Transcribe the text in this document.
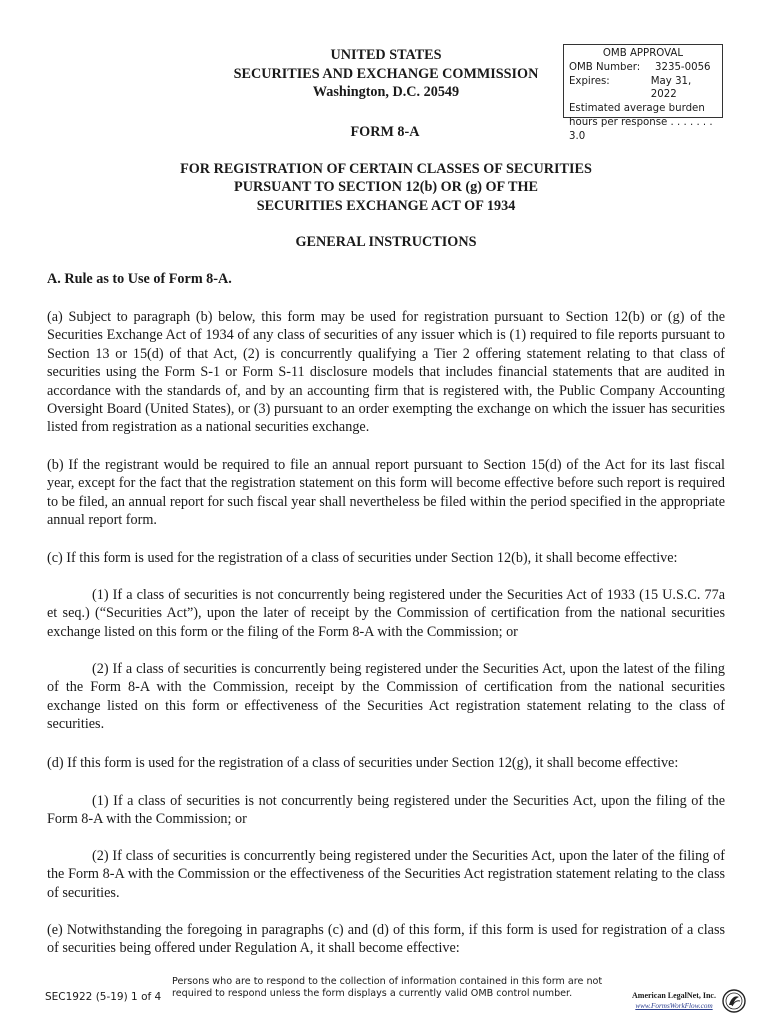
UNITED STATES
SECURITIES AND EXCHANGE COMMISSION
Washington, D.C. 20549
OMB APPROVAL
OMB Number:	3235-0056
Expires:	May 31, 2022
Estimated average burden
hours per response . . . . . . . 3.0
FORM 8-A
FOR REGISTRATION OF CERTAIN CLASSES OF SECURITIES
PURSUANT TO SECTION 12(b) OR (g) OF THE
SECURITIES EXCHANGE ACT OF 1934
GENERAL INSTRUCTIONS
A. Rule as to Use of Form 8-A.
(a) Subject to paragraph (b) below, this form may be used for registration pursuant to Section 12(b) or (g) of the Securities Exchange Act of 1934 of any class of securities of any issuer which is (1) required to file reports pursuant to Section 13 or 15(d) of that Act, (2) is concurrently qualifying a Tier 2 offering statement relating to that class of securities using the Form S-1 or Form S-11 disclosure models that includes financial statements that are audited in accordance with the standards of, and by an accounting firm that is registered with, the Public Company Accounting Oversight Board (United States), or (3) pursuant to an order exempting the exchange on which the issuer has securities listed from registration as a national securities exchange.
(b) If the registrant would be required to file an annual report pursuant to Section 15(d) of the Act for its last fiscal year, except for the fact that the registration statement on this form will become effective before such report is required to be filed, an annual report for such fiscal year shall nevertheless be filed within the period specified in the appropriate annual report form.
(c) If this form is used for the registration of a class of securities under Section 12(b), it shall become effective:
(1) If a class of securities is not concurrently being registered under the Securities Act of 1933 (15 U.S.C. 77a et seq.) (“Securities Act”), upon the later of receipt by the Commission of certification from the national securities exchange listed on this form or the filing of the Form 8-A with the Commission; or
(2) If a class of securities is concurrently being registered under the Securities Act, upon the latest of the filing of the Form 8-A with the Commission, receipt by the Commission of certification from the national securities exchange listed on this form or effectiveness of the Securities Act registration statement relating to the class of securities.
(d) If this form is used for the registration of a class of securities under Section 12(g), it shall become effective:
(1) If a class of securities is not concurrently being registered under the Securities Act, upon the filing of the Form 8-A with the Commission; or
(2) If class of securities is concurrently being registered under the Securities Act, upon the later of the filing of the Form 8-A with the Commission or the effectiveness of the Securities Act registration statement relating to the class of securities.
(e) Notwithstanding the foregoing in paragraphs (c) and (d) of this form, if this form is used for registration of a class of securities being offered under Regulation A, it shall become effective:
SEC1922 (5-19) 1 of 4
Persons who are to respond to the collection of information contained in this form are not required to respond unless the form displays a currently valid OMB control number.	American LegalNet, Inc.
www.FormsWorkFlow.com
